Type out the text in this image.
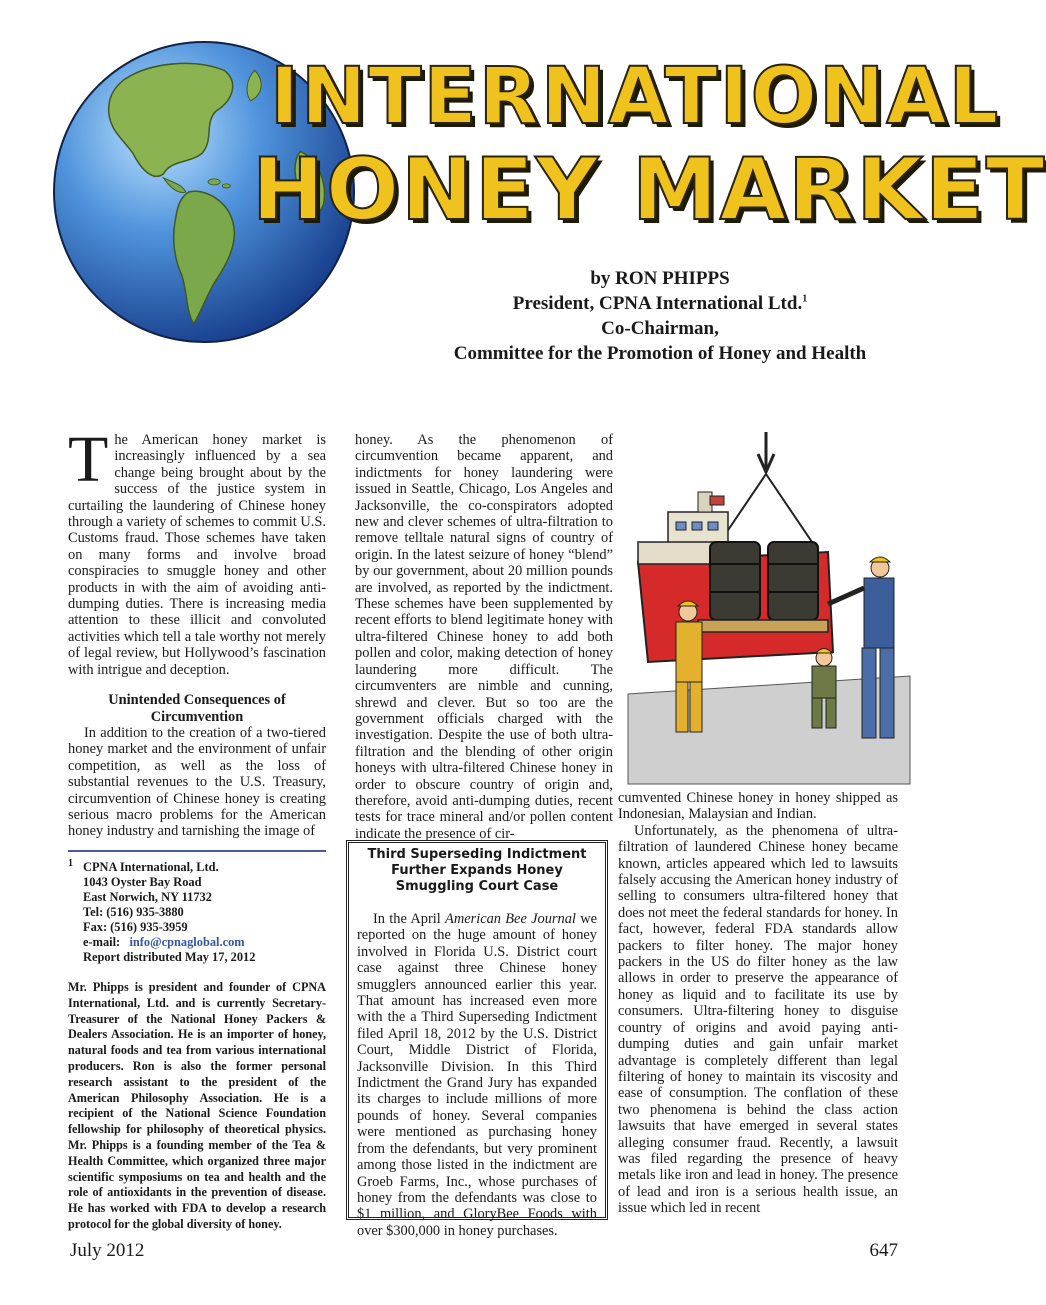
INTERNATIONAL
HONEY MARKET
by RON PHIPPS
President, CPNA International Ltd.$^1$
Co-Chairman,
Committee for the Promotion of Honey and Health

The American honey market is increasingly influenced by a sea change being brought about by the success of the justice system in curtailing the laundering of Chinese honey through a variety of schemes to commit U.S. Customs fraud. Those schemes have taken on many forms and involve broad conspiracies to smuggle honey and other products in with the aim of avoiding anti-dumping duties. There is increasing media attention to these illicit and convoluted activities which tell a tale worthy not merely of legal review, but Hollywood’s fascination with intrigue and deception.

Unintended Consequences of Circumvention

In addition to the creation of a two-tiered honey market and the environment of unfair competition, as well as the loss of substantial revenues to the U.S. Treasury, circumvention of Chinese honey is creating serious macro problems for the American honey industry and tarnishing the image of

1 CPNA International, Ltd.
1043 Oyster Bay Road
East Norwich, NY 11732
Tel: (516) 935-3880
Fax: (516) 935-3959
e-mail: info@cpnaglobal.com
Report distributed May 17, 2012
Mr. Phipps is president and founder of CPNA International, Ltd. and is currently Secretary-Treasurer of the National Honey Packers & Dealers Association. He is an importer of honey, natural foods and tea from various international producers. Ron is also the former personal research assistant to the president of the American Philosophy Association. He is a recipient of the National Science Foundation fellowship for philosophy of theoretical physics. Mr. Phipps is a founding member of the Tea & Health Committee, which organized three major scientific symposiums on tea and health and the role of antioxidants in the prevention of disease. He has worked with FDA to develop a research protocol for the global diversity of honey.

honey. As the phenomenon of circumvention became apparent, and indictments for honey laundering were issued in Seattle, Chicago, Los Angeles and Jacksonville, the co-conspirators adopted new and clever schemes of ultra-filtration to remove telltale natural signs of country of origin. In the latest seizure of honey “blend” by our government, about 20 million pounds are involved, as reported by the indictment. These schemes have been supplemented by recent efforts to blend legitimate honey with ultra-filtered Chinese honey to add both pollen and color, making detection of honey laundering more difficult. The circumventers are nimble and cunning, shrewd and clever. But so too are the government officials charged with the investigation. Despite the use of both ultra-filtration and the blending of other origin honeys with ultra-filtered Chinese honey in order to obscure country of origin and, therefore, avoid anti-dumping duties, recent tests for trace mineral and/or pollen content indicate the presence of cir-

Third Superseding Indictment Further Expands Honey Smuggling Court Case
In the April American Bee Journal we reported on the huge amount of honey involved in Florida U.S. District court case against three Chinese honey smugglers announced earlier this year. That amount has increased even more with the a Third Superseding Indictment filed April 18, 2012 by the U.S. District Court, Middle District of Florida, Jacksonville Division. In this Third Indictment the Grand Jury has expanded its charges to include millions of more pounds of honey. Several companies were mentioned as purchasing honey from the defendants, but very prominent among those listed in the indictment are Groeb Farms, Inc., whose purchases of honey from the defendants was close to $1 million, and GloryBee Foods with over $300,000 in honey purchases.

cumvented Chinese honey in honey shipped as Indonesian, Malaysian and Indian.

Unfortunately, as the phenomena of ultra-filtration of laundered Chinese honey became known, articles appeared which led to lawsuits falsely accusing the American honey industry of selling to consumers ultra-filtered honey that does not meet the federal standards for honey. In fact, however, federal FDA standards allow packers to filter honey. The major honey packers in the US do filter honey as the law allows in order to preserve the appearance of honey as liquid and to facilitate its use by consumers. Ultra-filtering honey to disguise country of origins and avoid paying anti-dumping duties and gain unfair market advantage is completely different than legal filtering of honey to maintain its viscosity and ease of consumption. The conflation of these two phenomena is behind the class action lawsuits that have emerged in several states alleging consumer fraud. Recently, a lawsuit was filed regarding the presence of heavy metals like iron and lead in honey. The presence of lead and iron is a serious health issue, an issue which led in recent

July 2012	647
